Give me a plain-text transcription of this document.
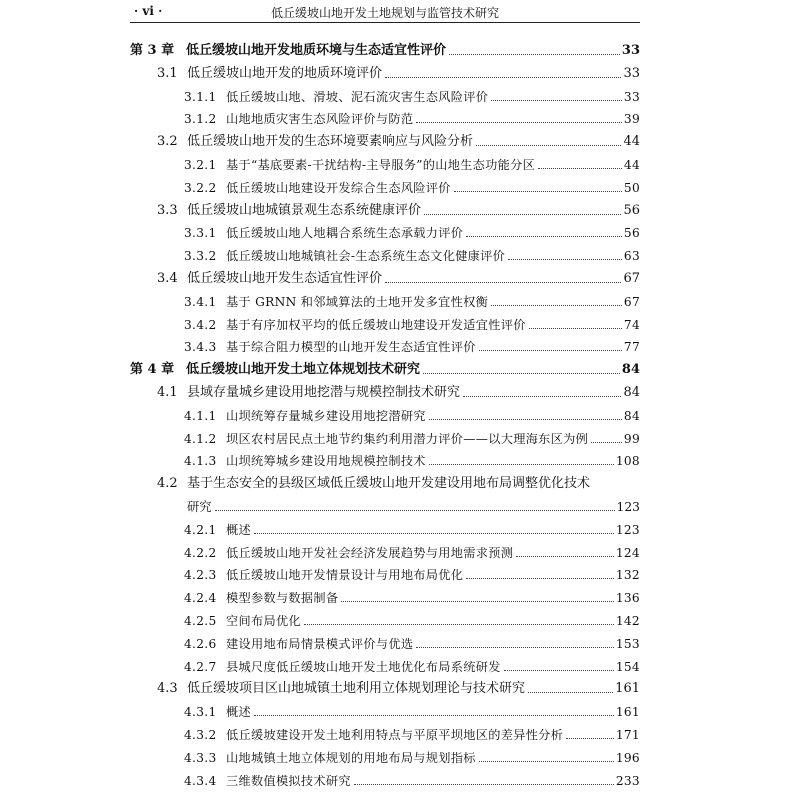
· vi ·	低丘缓坡山地开发土地规划与监管技术研究
第 3 章 低丘缓坡山地开发地质环境与生态适宜性评价	33
3.1 低丘缓坡山地开发的地质环境评价	33
3.1.1 低丘缓坡山地、滑坡、泥石流灾害生态风险评价	33
3.1.2 山地地质灾害生态风险评价与防范	39
3.2 低丘缓坡山地开发的生态环境要素响应与风险分析	44
3.2.1 基于“基底要素-干扰结构-主导服务”的山地生态功能分区	44
3.2.2 低丘缓坡山地建设开发综合生态风险评价	50
3.3 低丘缓坡山地城镇景观生态系统健康评价	56
3.3.1 低丘缓坡山地人地耦合系统生态承载力评价	56
3.3.2 低丘缓坡山地城镇社会-生态系统生态文化健康评价	63
3.4 低丘缓坡山地开发生态适宜性评价	67
3.4.1 基于 GRNN 和邻域算法的土地开发多宜性权衡	67
3.4.2 基于有序加权平均的低丘缓坡山地建设开发适宜性评价	74
3.4.3 基于综合阻力模型的山地开发生态适宜性评价	77
第 4 章 低丘缓坡山地开发土地立体规划技术研究	84
4.1 县域存量城乡建设用地挖潜与规模控制技术研究	84
4.1.1 山坝统筹存量城乡建设用地挖潜研究	84
4.1.2 坝区农村居民点土地节约集约利用潜力评价——以大理海东区为例	99
4.1.3 山坝统筹城乡建设用地规模控制技术	108
4.2 基于生态安全的县级区域低丘缓坡山地开发建设用地布局调整优化技术
研究	123
4.2.1 概述	123
4.2.2 低丘缓坡山地开发社会经济发展趋势与用地需求预测	124
4.2.3 低丘缓坡山地开发情景设计与用地布局优化	132
4.2.4 模型参数与数据制备	136
4.2.5 空间布局优化	142
4.2.6 建设用地布局情景模式评价与优选	153
4.2.7 县城尺度低丘缓坡山地开发土地优化布局系统研发	154
4.3 低丘缓坡项目区山地城镇土地利用立体规划理论与技术研究	161
4.3.1 概述	161
4.3.2 低丘缓坡建设开发土地利用特点与平原平坝地区的差异性分析	171
4.3.3 山地城镇土地立体规划的用地布局与规划指标	196
4.3.4 三维数值模拟技术研究	233
